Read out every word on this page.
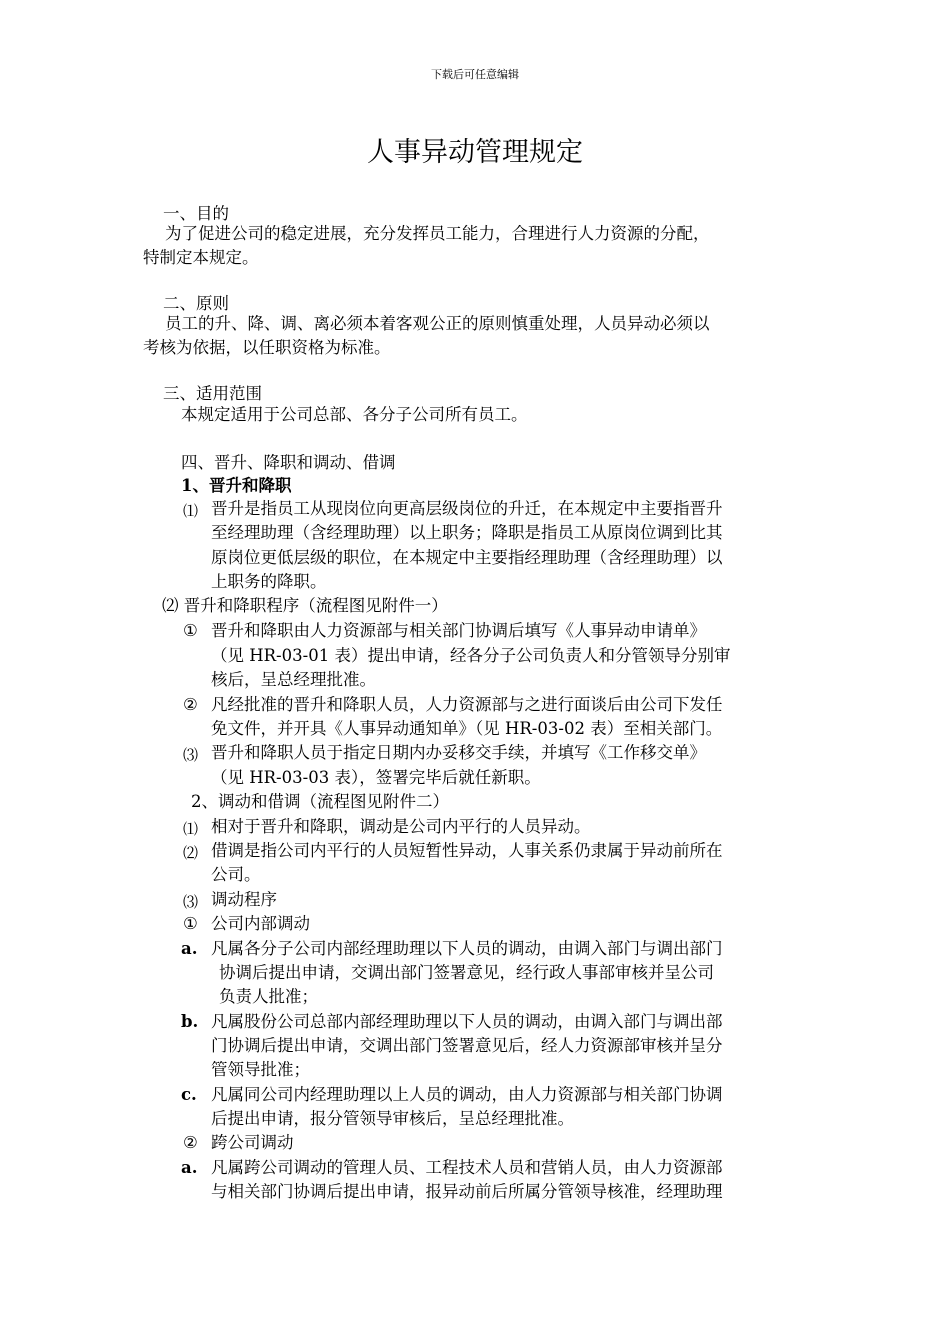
下载后可任意编辑
人事异动管理规定
一、目的
为了促进公司的稳定进展，充分发挥员工能力，合理进行人力资源的分配，
特制定本规定。
二、原则
员工的升、降、调、离必须本着客观公正的原则慎重处理，人员异动必须以
考核为依据，以任职资格为标准。
三、适用范围
本规定适用于公司总部、各分子公司所有员工。
四、晋升、降职和调动、借调
1、晋升和降职
⑴ 晋升是指员工从现岗位向更高层级岗位的升迁，在本规定中主要指晋升
至经理助理（含经理助理）以上职务；降职是指员工从原岗位调到比其
原岗位更低层级的职位，在本规定中主要指经理助理（含经理助理）以
上职务的降职。
⑵ 晋升和降职程序（流程图见附件一）
① 晋升和降职由人力资源部与相关部门协调后填写《人事异动申请单》
（见 HR-03-01 表）提出申请，经各分子公司负责人和分管领导分别审
核后，呈总经理批准。
② 凡经批准的晋升和降职人员，人力资源部与之进行面谈后由公司下发任
免文件，并开具《人事异动通知单》（见 HR-03-02 表）至相关部门。
⑶ 晋升和降职人员于指定日期内办妥移交手续，并填写《工作移交单》
（见 HR-03-03 表），签署完毕后就任新职。
2、调动和借调（流程图见附件二）
⑴ 相对于晋升和降职，调动是公司内平行的人员异动。
⑵ 借调是指公司内平行的人员短暂性异动，人事关系仍隶属于异动前所在
公司。
⑶ 调动程序
① 公司内部调动
a. 凡属各分子公司内部经理助理以下人员的调动，由调入部门与调出部门
协调后提出申请，交调出部门签署意见，经行政人事部审核并呈公司
负责人批准；
b. 凡属股份公司总部内部经理助理以下人员的调动，由调入部门与调出部
门协调后提出申请，交调出部门签署意见后，经人力资源部审核并呈分
管领导批准；
c. 凡属同公司内经理助理以上人员的调动，由人力资源部与相关部门协调
后提出申请，报分管领导审核后，呈总经理批准。
② 跨公司调动
a. 凡属跨公司调动的管理人员、工程技术人员和营销人员，由人力资源部
与相关部门协调后提出申请，报异动前后所属分管领导核准，经理助理
